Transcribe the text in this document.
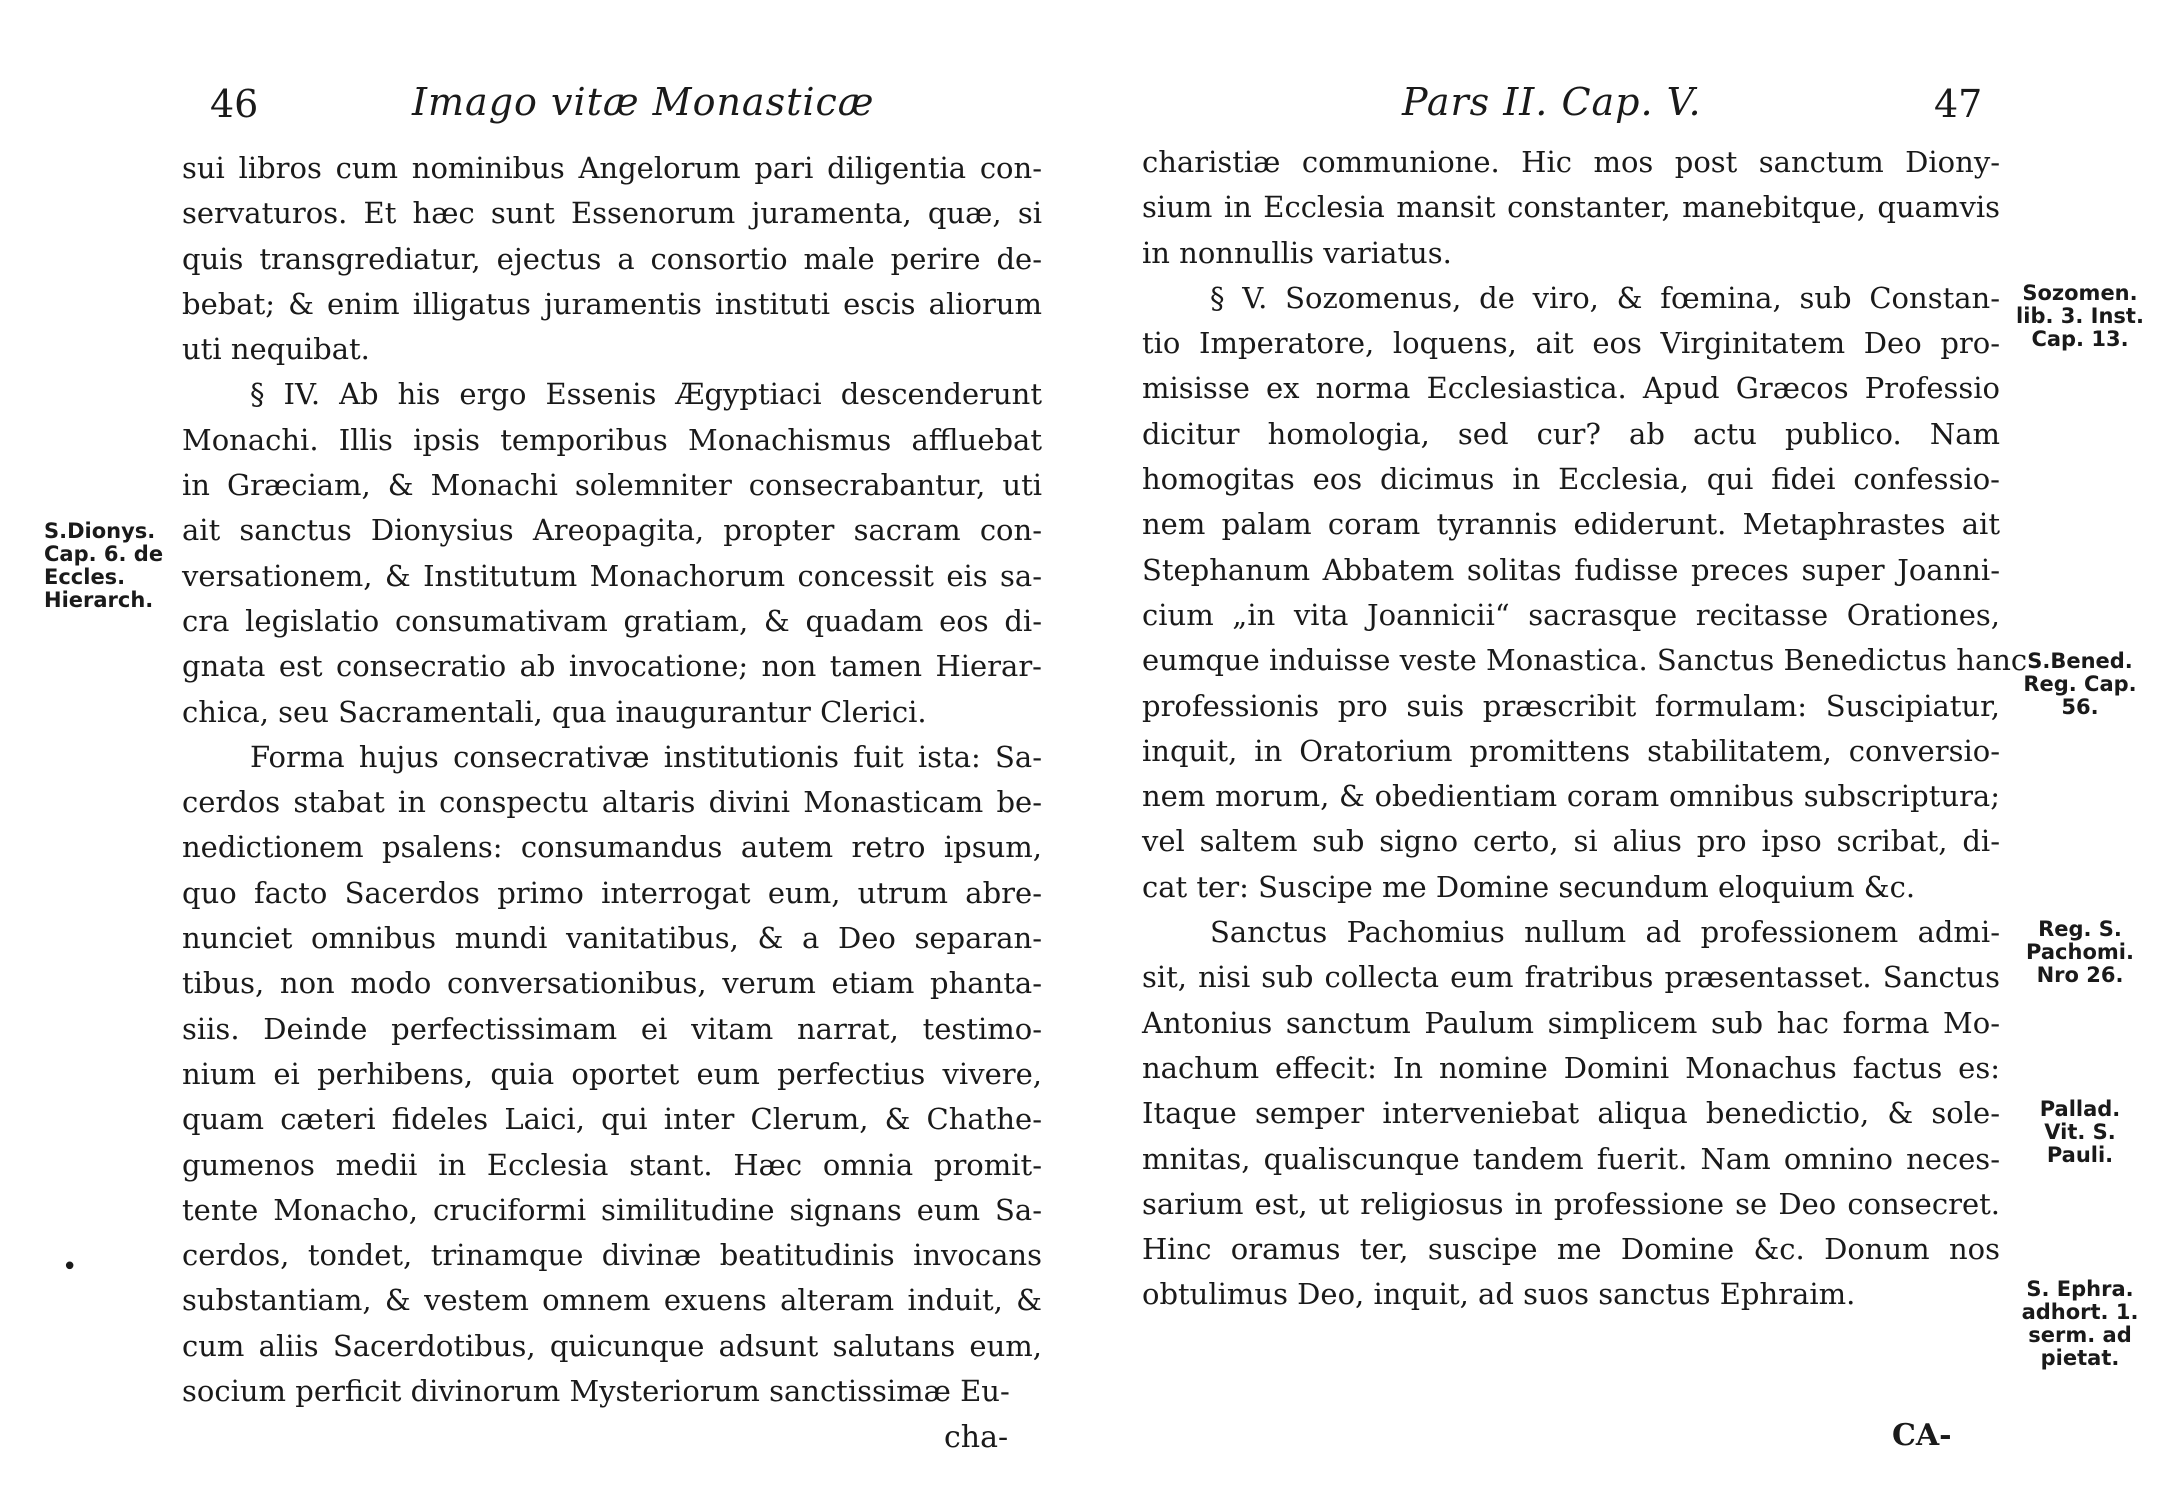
46	Imago vitæ Monasticæ

sui libros cum nominibus Angelorum pari diligentia con-
servaturos. Et hæc sunt Essenorum juramenta, quæ, si
quis transgrediatur, ejectus a consortio male perire de-
bebat; & enim illigatus juramentis instituti escis aliorum
uti nequibat.

§ IV. Ab his ergo Essenis Ægyptiaci descenderunt
Monachi. Illis ipsis temporibus Monachismus affluebat
in Græciam, & Monachi solemniter consecrabantur, uti
ait sanctus Dionysius Areopagita, propter sacram con-
versationem, & Institutum Monachorum concessit eis sa-
cra legislatio consumativam gratiam, & quadam eos di-
gnata est consecratio ab invocatione; non tamen Hierar-
chica, seu Sacramentali, qua inaugurantur Clerici.

Forma hujus consecrativæ institutionis fuit ista: Sa-
cerdos stabat in conspectu altaris divini Monasticam be-
nedictionem psalens: consumandus autem retro ipsum,
quo facto Sacerdos primo interrogat eum, utrum abre-
nunciet omnibus mundi vanitatibus, & a Deo separan-
tibus, non modo conversationibus, verum etiam phanta-
siis. Deinde perfectissimam ei vitam narrat, testimo-
nium ei perhibens, quia oportet eum perfectius vivere,
quam cæteri fideles Laici, qui inter Clerum, & Chathe-
gumenos medii in Ecclesia stant. Hæc omnia promit-
tente Monacho, cruciformi similitudine signans eum Sa-
cerdos, tondet, trinamque divinæ beatitudinis invocans
substantiam, & vestem omnem exuens alteram induit, &
cum aliis Sacerdotibus, quicunque adsunt salutans eum,
socium perficit divinorum Mysteriorum sanctissimæ Eu-

S.Dionys.
Cap. 6. de
Eccles.
Hierarch.
•
cha-
Pars II. Cap. V.	47

charistiæ communione. Hic mos post sanctum Diony-
sium in Ecclesia mansit constanter, manebitque, quamvis
in nonnullis variatus.

§ V. Sozomenus, de viro, & fœmina, sub Constan-
tio Imperatore, loquens, ait eos Virginitatem Deo pro-
misisse ex norma Ecclesiastica. Apud Græcos Professio
dicitur homologia, sed cur? ab actu publico. Nam
homogitas eos dicimus in Ecclesia, qui fidei confessio-
nem palam coram tyrannis ediderunt. Metaphrastes ait
Stephanum Abbatem solitas fudisse preces super Joanni-
cium „in vita Joannicii“ sacrasque recitasse Orationes,
eumque induisse veste Monastica. Sanctus Benedictus hanc
professionis pro suis præscribit formulam: Suscipiatur,
inquit, in Oratorium promittens stabilitatem, conversio-
nem morum, & obedientiam coram omnibus subscriptura;
vel saltem sub signo certo, si alius pro ipso scribat, di-
cat ter: Suscipe me Domine secundum eloquium &c.

Sanctus Pachomius nullum ad professionem admi-
sit, nisi sub collecta eum fratribus præsentasset. Sanctus
Antonius sanctum Paulum simplicem sub hac forma Mo-
nachum effecit: In nomine Domini Monachus factus es:
Itaque semper interveniebat aliqua benedictio, & sole-
mnitas, qualiscunque tandem fuerit. Nam omnino neces-
sarium est, ut religiosus in professione se Deo consecret.
Hinc oramus ter, suscipe me Domine &c. Donum nos
obtulimus Deo, inquit, ad suos sanctus Ephraim.

Sozomen.
lib. 3. Inst.
Cap. 13.
S.Bened.
Reg. Cap.
56.
Reg. S.
Pachomi.
Nro 26.
Pallad.
Vit. S.
Pauli.
S. Ephra.
adhort. 1.
serm. ad
pietat.
CA-
